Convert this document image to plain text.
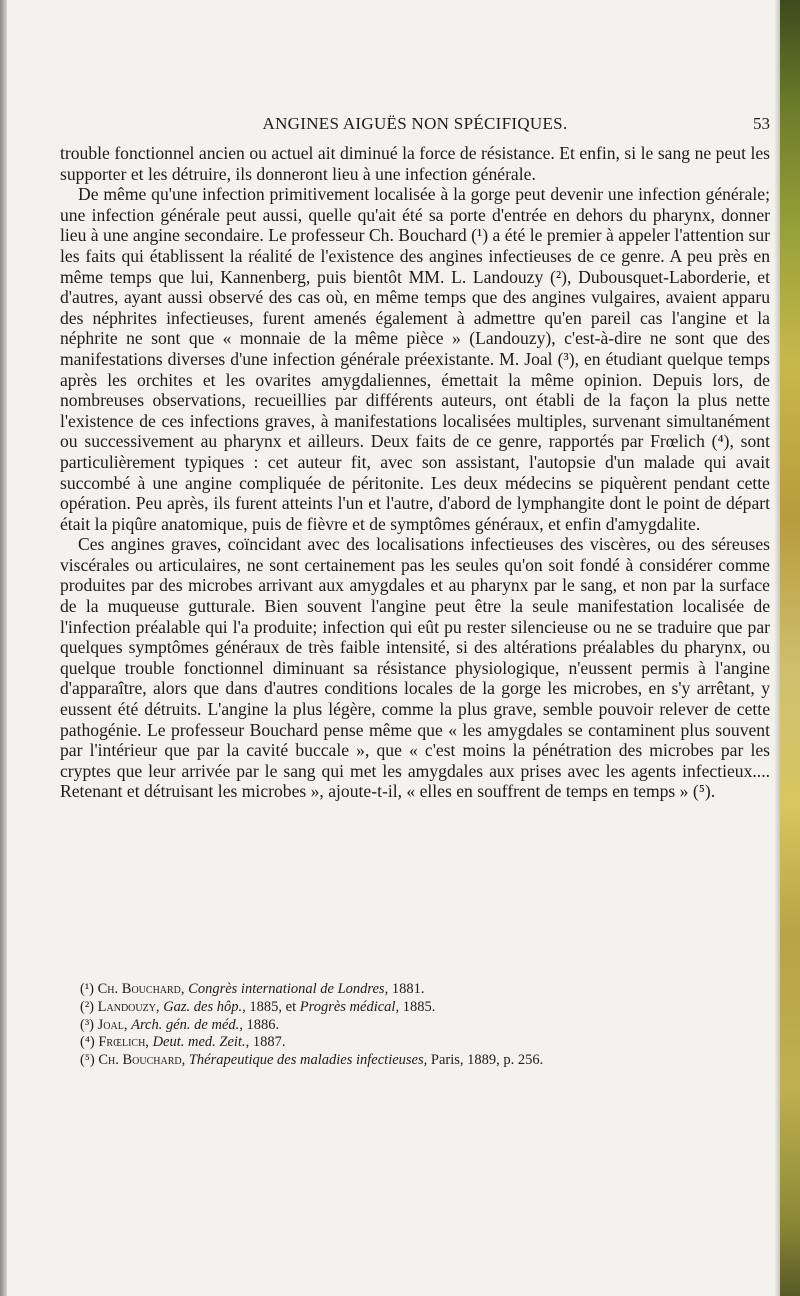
ANGINES AIGUËS NON SPÉCIFIQUES.	53

trouble fonctionnel ancien ou actuel ait diminué la force de résistance. Et enfin, si le sang ne peut les supporter et les détruire, ils donneront lieu à une infection générale.

De même qu'une infection primitivement localisée à la gorge peut devenir une infection générale; une infection générale peut aussi, quelle qu'ait été sa porte d'entrée en dehors du pharynx, donner lieu à une angine secondaire. Le professeur Ch. Bouchard (¹) a été le premier à appeler l'attention sur les faits qui établissent la réalité de l'existence des angines infectieuses de ce genre. A peu près en même temps que lui, Kannenberg, puis bientôt MM. L. Landouzy (²), Dubousquet-Laborderie, et d'autres, ayant aussi observé des cas où, en même temps que des angines vulgaires, avaient apparu des néphrites infectieuses, furent amenés également à admettre qu'en pareil cas l'angine et la néphrite ne sont que « monnaie de la même pièce » (Landouzy), c'est-à-dire ne sont que des manifestations diverses d'une infection générale préexistante. M. Joal (³), en étudiant quelque temps après les orchites et les ovarites amygdaliennes, émettait la même opinion. Depuis lors, de nombreuses observations, recueillies par différents auteurs, ont établi de la façon la plus nette l'existence de ces infections graves, à manifestations localisées multiples, survenant simultanément ou successivement au pharynx et ailleurs. Deux faits de ce genre, rapportés par Frœlich (⁴), sont particulièrement typiques : cet auteur fit, avec son assistant, l'autopsie d'un malade qui avait succombé à une angine compliquée de péritonite. Les deux médecins se piquèrent pendant cette opération. Peu après, ils furent atteints l'un et l'autre, d'abord de lymphangite dont le point de départ était la piqûre anatomique, puis de fièvre et de symptômes généraux, et enfin d'amygdalite.

Ces angines graves, coïncidant avec des localisations infectieuses des viscères, ou des séreuses viscérales ou articulaires, ne sont certainement pas les seules qu'on soit fondé à considérer comme produites par des microbes arrivant aux amygdales et au pharynx par le sang, et non par la surface de la muqueuse gutturale. Bien souvent l'angine peut être la seule manifestation localisée de l'infection préalable qui l'a produite; infection qui eût pu rester silencieuse ou ne se traduire que par quelques symptômes généraux de très faible intensité, si des altérations préalables du pharynx, ou quelque trouble fonctionnel diminuant sa résistance physiologique, n'eussent permis à l'angine d'apparaître, alors que dans d'autres conditions locales de la gorge les microbes, en s'y arrêtant, y eussent été détruits. L'angine la plus légère, comme la plus grave, semble pouvoir relever de cette pathogénie. Le professeur Bouchard pense même que « les amygdales se contaminent plus souvent par l'intérieur que par la cavité buccale », que « c'est moins la pénétration des microbes par les cryptes que leur arrivée par le sang qui met les amygdales aux prises avec les agents infectieux.... Retenant et détruisant les microbes », ajoute-t-il, « elles en souffrent de temps en temps » (⁵).

(¹) Ch. Bouchard, Congrès international de Londres, 1881.
(²) Landouzy, Gaz. des hôp., 1885, et Progrès médical, 1885.
(³) Joal, Arch. gén. de méd., 1886.
(⁴) Frœlich, Deut. med. Zeit., 1887.
(⁵) Ch. Bouchard, Thérapeutique des maladies infectieuses, Paris, 1889, p. 256.
